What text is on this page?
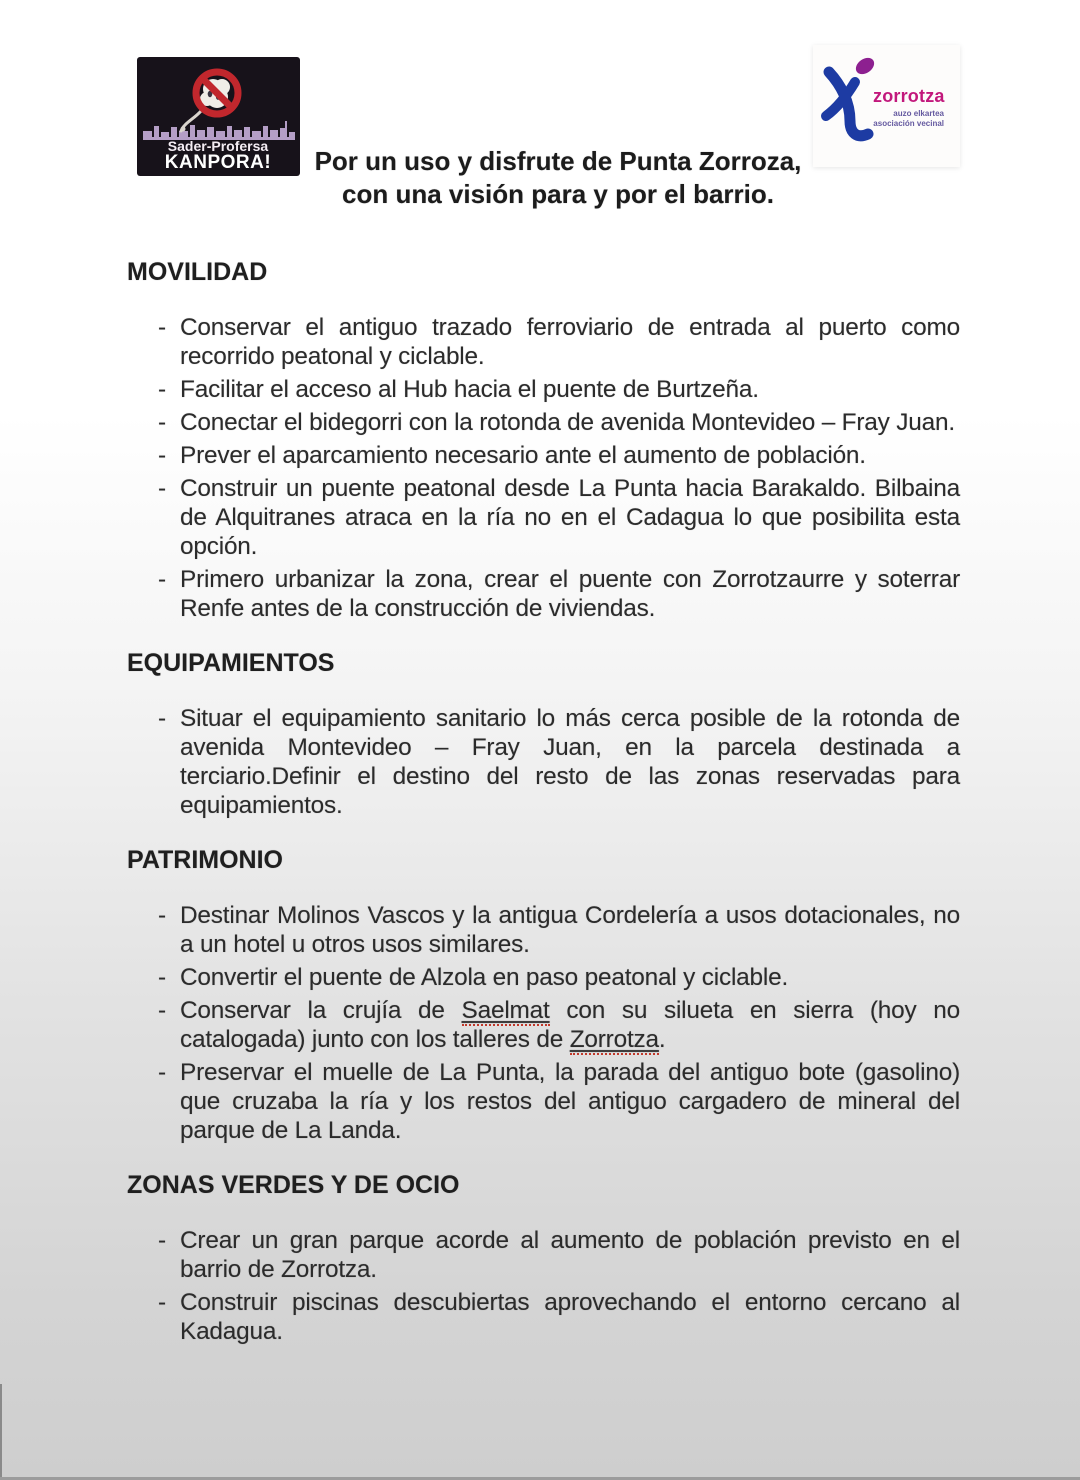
Sader-Profersa
KANPORA!	Por un uso y disfrute de Punta Zorroza,
con una visión para y por el barrio.
zorrotza
auzo elkartea
asociación vecinal
MOVILIDAD
- Conservar el antiguo trazado ferroviario de entrada al puerto como recorrido peatonal y ciclable.
- Facilitar el acceso al Hub hacia el puente de Burtzeña.
- Conectar el bidegorri con la rotonda de avenida Montevideo – Fray Juan.
- Prever el aparcamiento necesario ante el aumento de población.
- Construir un puente peatonal desde La Punta hacia Barakaldo. Bilbaina de Alquitranes atraca en la ría no en el Cadagua lo que posibilita esta opción.
- Primero urbanizar la zona, crear el puente con Zorrotzaurre y soterrar Renfe antes de la construcción de viviendas.
EQUIPAMIENTOS
- Situar el equipamiento sanitario lo más cerca posible de la rotonda de avenida Montevideo – Fray Juan, en la parcela destinada a terciario.Definir el destino del resto de las zonas reservadas para equipamientos.
PATRIMONIO
- Destinar Molinos Vascos y la antigua Cordelería a usos dotacionales, no a un hotel u otros usos similares.
- Convertir el puente de Alzola en paso peatonal y ciclable.
- Conservar la crujía de Saelmat con su silueta en sierra (hoy no catalogada) junto con los talleres de Zorrotza.
- Preservar el muelle de La Punta, la parada del antiguo bote (gasolino) que cruzaba la ría y los restos del antiguo cargadero de mineral del parque de La Landa.
ZONAS VERDES Y DE OCIO
- Crear un gran parque acorde al aumento de población previsto en el barrio de Zorrotza.
- Construir piscinas descubiertas aprovechando el entorno cercano al Kadagua.
